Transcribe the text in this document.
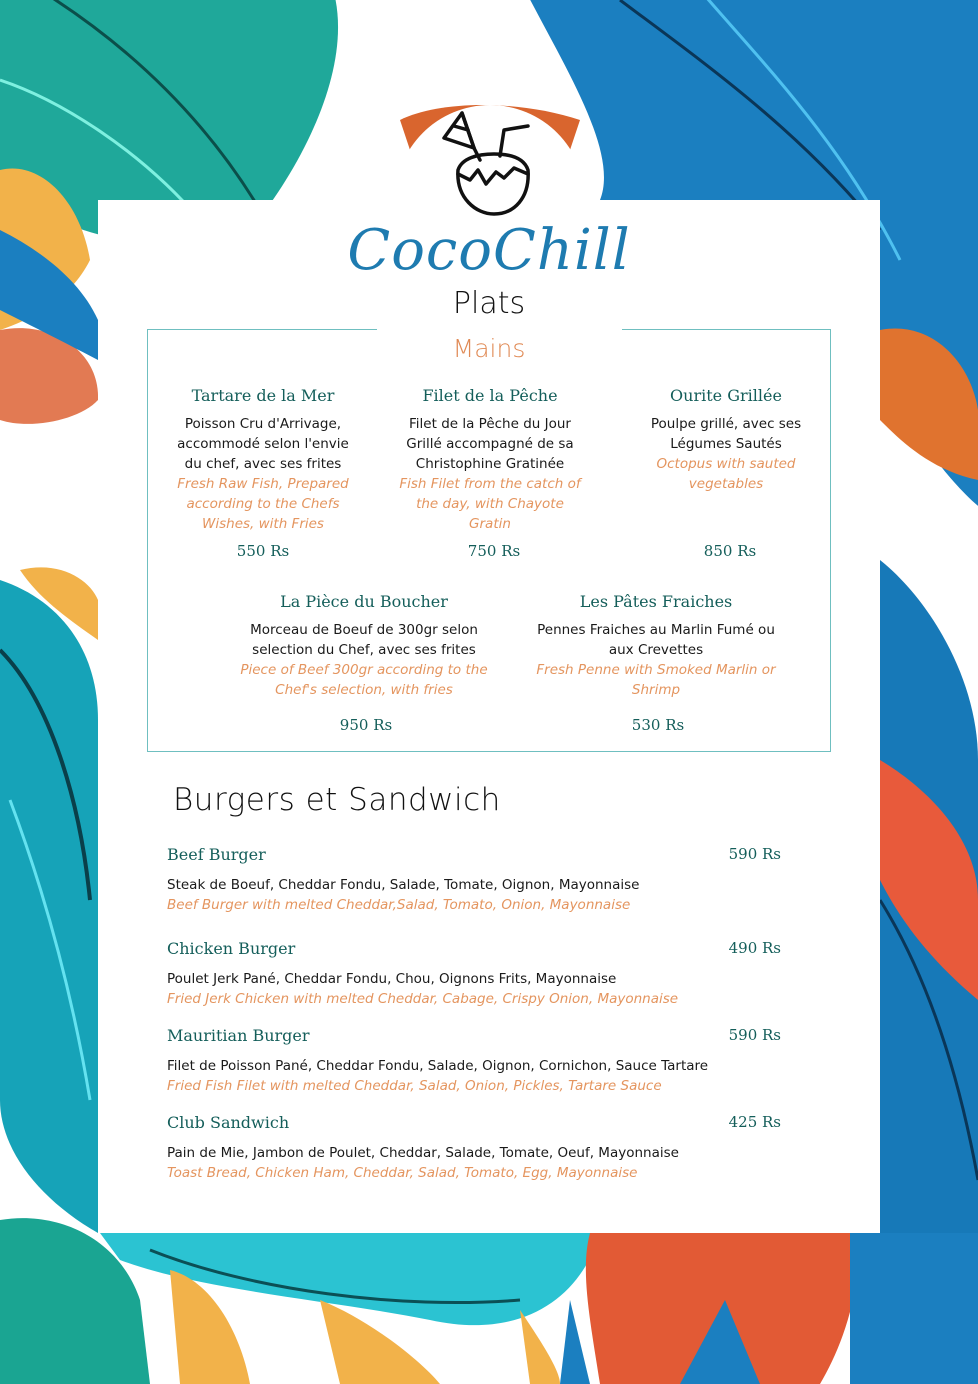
CocoChill
Plats
Mains
Tartare de la Mer
Poisson Cru d'Arrivage, accommodé selon l'envie du chef, avec ses frites
Fresh Raw Fish, Prepared according to the Chefs Wishes, with Fries
550 Rs
Filet de la Pêche
Filet de la Pêche du Jour Grillé accompagné de sa Christophine Gratinée
Fish Filet from the catch of the day, with Chayote Gratin
750 Rs
Ourite Grillée
Poulpe grillé, avec ses Légumes Sautés
Octopus with sauted vegetables
850 Rs
La Pièce du Boucher
Morceau de Boeuf de 300gr selon selection du Chef, avec ses frites
Piece of Beef 300gr according to the Chef's selection, with fries
950 Rs
Les Pâtes Fraiches
Pennes Fraiches au Marlin Fumé ou aux Crevettes
Fresh Penne with Smoked Marlin or Shrimp
530 Rs
Burgers et Sandwich
Beef Burger	590 Rs
Steak de Boeuf, Cheddar Fondu, Salade, Tomate, Oignon, Mayonnaise
Beef Burger with melted Cheddar,Salad, Tomato, Onion, Mayonnaise
Chicken Burger	490 Rs
Poulet Jerk Pané, Cheddar Fondu, Chou, Oignons Frits, Mayonnaise
Fried Jerk Chicken with melted Cheddar, Cabage, Crispy Onion, Mayonnaise
Mauritian Burger	590 Rs
Filet de Poisson Pané, Cheddar Fondu, Salade, Oignon, Cornichon, Sauce Tartare
Fried Fish Filet with melted Cheddar, Salad, Onion, Pickles, Tartare Sauce
Club Sandwich	425 Rs
Pain de Mie, Jambon de Poulet, Cheddar, Salade, Tomate, Oeuf, Mayonnaise
Toast Bread, Chicken Ham, Cheddar, Salad, Tomato, Egg, Mayonnaise
